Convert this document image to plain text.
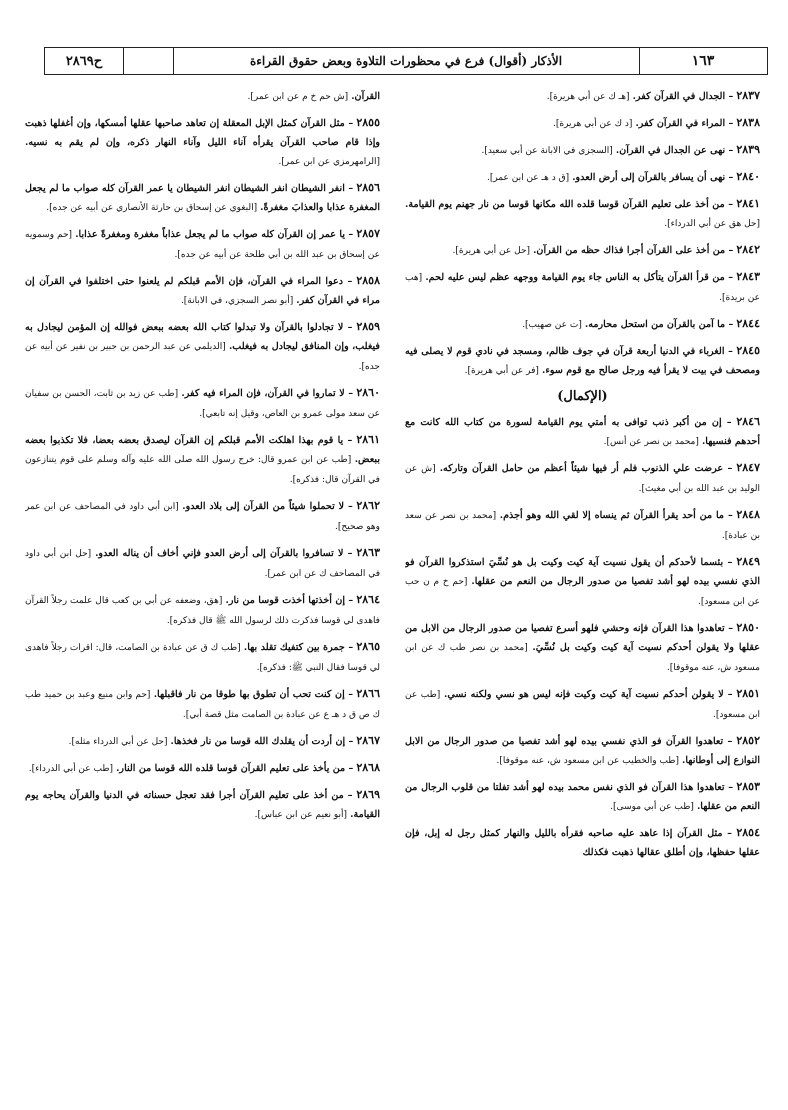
١٦٣
الأذكار (أقوال) فرع في محظورات التلاوة وبعض حقوق القراءة
ح٢٨٦٩
٢٨٣٧ – الجدال في القرآن كفر. [هـ ك عن أبي هريرة].
٢٨٣٨ – المراء في القرآن كفر. [د ك عن أبي هريرة].
٢٨٣٩ – نهى عن الجدال في القرآن. [السجزي في الابانة عن أبي سعيد].
٢٨٤٠ – نهى أن يسافر بالقرآن إلى أرض العدو. [ق د هـ عن ابن عمر].
٢٨٤١ – من أخذ على تعليم القرآن قوسا قلده الله مكانها قوسا من نار جهنم يوم القيامة. [حل هق عن أبي الدرداء].
٢٨٤٢ – من أخذ على القرآن أجرا فذاك حظه من القرآن. [حل عن أبي هريرة].
٢٨٤٣ – من قرأ القرآن يتأكل به الناس جاء يوم القيامة ووجهه عظم ليس عليه لحم. [هب عن بريدة].
٢٨٤٤ – ما آمن بالقرآن من استحل محارمه. [ت عن صهيب].
٢٨٤٥ – الغرباء في الدنيا أربعة قرآن في جوف ظالم، ومسجد في نادي قوم لا يصلى فيه ومصحف في بيت لا يقرأ فيه ورجل صالح مع قوم سوء. [فر عن أبي هريرة].
(الإكمال)
٢٨٤٦ – إن من أكبر ذنب توافى به أمتي يوم القيامة لسورة من كتاب الله كانت مع أحدهم فنسيها. [محمد بن نصر عن أنس].
٢٨٤٧ – عرضت علي الذنوب فلم أر فيها شيئاً أعظم من حامل القرآن وتاركه. [ش عن الوليد بن عبد الله بن أبي مغيث].
٢٨٤٨ – ما من أحد يقرأ القرآن ثم ينساه إلا لقي الله وهو أجذم. [محمد بن نصر عن سعد بن عبادة].
٢٨٤٩ – بئسما لأحدكم أن يقول نسيت آية كيت وكيت بل هو نُسِّيَ استذكروا القرآن فو الذي نفسي بيده لهو أشد تفصيا من صدور الرجال من النعم من عقلها. [حم خ م ن حب عن ابن مسعود].
٢٨٥٠ – تعاهدوا هذا القرآن فإنه وحشي فلهو أسرع تفصيا من صدور الرجال من الابل من عقلها ولا يقولن أحدكم نسيت آية كيت وكيت بل نُسِّيَ. [محمد بن نصر طب ك عن ابن مسعود ش، عنه موقوفا].
٢٨٥١ – لا يقولن أحدكم نسيت آية كيت وكيت فإنه ليس هو نسي ولكنه نسي. [طب عن ابن مسعود].
٢٨٥٢ – تعاهدوا القرآن فو الذي نفسي بيده لهو أشد تفصيا من صدور الرجال من الابل النوازع إلى أوطانها. [طب والخطيب عن ابن مسعود ش، عنه موقوفا].
٢٨٥٣ – تعاهدوا هذا القرآن فو الذي نفس محمد بيده لهو أشد تفلتا من قلوب الرجال من النعم من عقلها. [طب عن أبي موسى].
٢٨٥٤ – مثل القرآن إذا عاهد عليه صاحبه فقرأه بالليل والنهار كمثل رجل له إبل، فإن عقلها حفظها، وإن أطلق عقالها ذهبت فكذلك
القرآن. [ش حم خ م عن ابن عمر].
٢٨٥٥ – مثل القرآن كمثل الإبل المعقلة إن تعاهد صاحبها عقلها أمسكها، وإن أغفلها ذهبت وإذا قام صاحب القرآن يقرأه آناء الليل وآناء النهار ذكره، وإن لم يقم به نسيه. [الرامهرمزي عن ابن عمر].
٢٨٥٦ – انفر الشيطان انفر الشيطان انفر الشيطان يا عمر القرآن كله صواب ما لم يجعل المغفرة عذابا والعذابَ مغفرةً. [البغوي عن إسحاق بن حارثة الأنصاري عن أبيه عن جده].
٢٨٥٧ – يا عمر إن القرآن كله صواب ما لم يجعل عذاباً مغفرة ومغفرةً عذابا. [حم وسمويه عن إسحاق بن عبد الله بن أبي طلحة عن أبيه عن جده].
٢٨٥٨ – دعوا المراء في القرآن، فإن الأمم قبلكم لم يلعنوا حتى اختلفوا في القرآن إن مراء في القرآن كفر. [أبو نصر السجزي، في الابانة].
٢٨٥٩ – لا تجادلوا بالقرآن ولا تبدلوا كتاب الله بعضه ببعض فوالله إن المؤمن ليجادل به فيغلب، وإن المنافق ليجادل به فيغلب. [الديلمي عن عبد الرحمن بن جبير بن نفير عن أبيه عن جده].
٢٨٦٠ – لا تماروا في القرآن، فإن المراء فيه كفر. [طب عن زيد بن ثابت، الحسن بن سفيان عن سعد مولى عمرو بن العاص، وقيل إنه تابعي].
٢٨٦١ – يا قوم بهذا اهلكت الأمم قبلكم إن القرآن ليصدق بعضه بعضا، فلا تكذبوا بعضه ببعض. [طب عن ابن عمرو قال: خرج رسول الله صلى الله عليه وآله وسلم على قوم يتنازعون في القرآن قال: فذكره].
٢٨٦٢ – لا تحملوا شيئاً من القرآن إلى بلاد العدو. [ابن أبي داود في المصاحف عن ابن عمر وهو صحيح].
٢٨٦٣ – لا تسافروا بالقرآن إلى أرض العدو فإني أخاف أن يناله العدو. [حل ابن أبي داود في المصاحف ك عن ابن عمر].
٢٨٦٤ – إن أخذتها أخذت قوسا من نار. [هق، وضعفه عن أبي بن كعب قال علمت رجلاً القرآن فاهدى لي قوسا فذكرت ذلك لرسول الله ﷺ قال فذكره].
٢٨٦٥ – جمرة بين كتفيك تقلد بها. [طب ك ق عن عبادة بن الصامت، قال: اقرات رجلاً فاهدى لي قوسا فقال النبي ﷺ: فذكره].
٢٨٦٦ – إن كنت تحب أن تطوق بها طوقا من نار فاقبلها. [حم وابن منيع وعبد بن حميد طب ك ص ق د هـ ع عن عبادة بن الصامت مثل قصة أبي].
٢٨٦٧ – إن أردت أن يقلدك الله قوسا من نار فخذها. [حل عن أبي الدرداء مثله].
٢٨٦٨ – من يأخذ على تعليم القرآن قوسا قلده الله قوسا من النار. [طب عن أبي الدرداء].
٢٨٦٩ – من أخذ على تعليم القرآن أجرا فقد تعجل حسناته في الدنيا والقرآن يحاجه يوم القيامة. [أبو نعيم عن ابن عباس].
